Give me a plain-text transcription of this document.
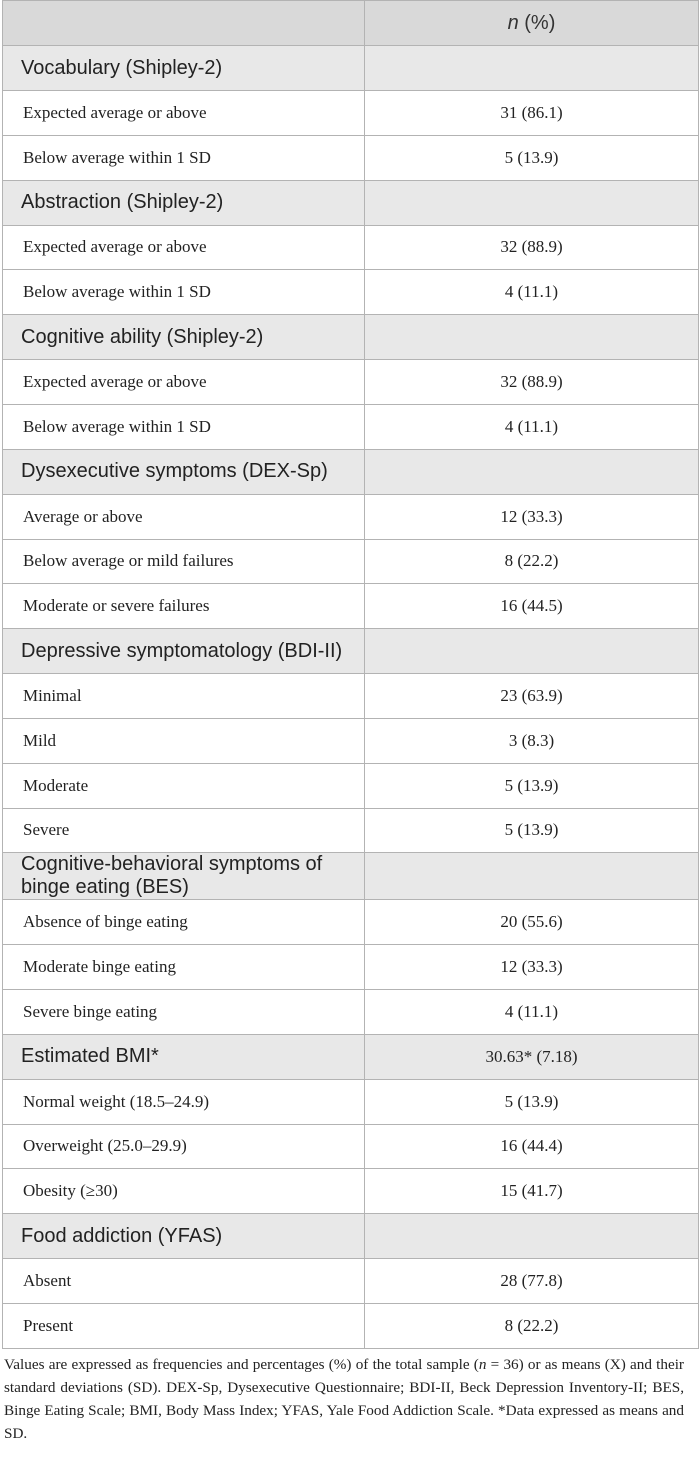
	n (%)
Vocabulary (Shipley-2)	
Expected average or above	31 (86.1)
Below average within 1 SD	5 (13.9)
Abstraction (Shipley-2)	
Expected average or above	32 (88.9)
Below average within 1 SD	4 (11.1)
Cognitive ability (Shipley-2)	
Expected average or above	32 (88.9)
Below average within 1 SD	4 (11.1)
Dysexecutive symptoms (DEX-Sp)	
Average or above	12 (33.3)
Below average or mild failures	8 (22.2)
Moderate or severe failures	16 (44.5)
Depressive symptomatology (BDI-II)	
Minimal	23 (63.9)
Mild	3 (8.3)
Moderate	5 (13.9)
Severe	5 (13.9)
Cognitive-behavioral symptoms of binge eating (BES)	
Absence of binge eating	20 (55.6)
Moderate binge eating	12 (33.3)
Severe binge eating	4 (11.1)
Estimated BMI*	30.63* (7.18)
Normal weight (18.5–24.9)	5 (13.9)
Overweight (25.0–29.9)	16 (44.4)
Obesity (≥30)	15 (41.7)
Food addiction (YFAS)	
Absent	28 (77.8)
Present	8 (22.2)
Values are expressed as frequencies and percentages (%) of the total sample (n = 36) or as means (X) and their standard deviations (SD). DEX-Sp, Dysexecutive Questionnaire; BDI-II, Beck Depression Inventory-II; BES, Binge Eating Scale; BMI, Body Mass Index; YFAS, Yale Food Addiction Scale. *Data expressed as means and SD.
